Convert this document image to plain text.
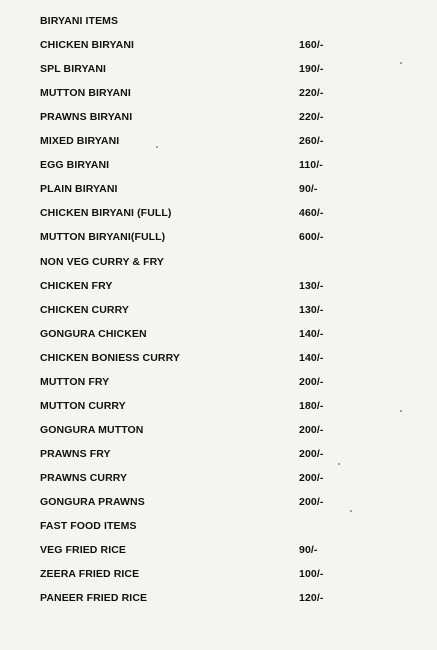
BIRYANI ITEMS
CHICKEN BIRYANI	160/-
SPL BIRYANI	190/-
MUTTON BIRYANI	220/-
PRAWNS BIRYANI	220/-
MIXED BIRYANI	260/-
EGG BIRYANI	110/-
PLAIN BIRYANI	90/-
CHICKEN BIRYANI (FULL)	460/-
MUTTON BIRYANI(FULL)	600/-
NON VEG CURRY & FRY
CHICKEN FRY	130/-
CHICKEN CURRY	130/-
GONGURA CHICKEN	140/-
CHICKEN BONIESS CURRY	140/-
MUTTON FRY	200/-
MUTTON CURRY	180/-
GONGURA MUTTON	200/-
PRAWNS FRY	200/-
PRAWNS CURRY	200/-
GONGURA PRAWNS	200/-
FAST FOOD ITEMS
VEG FRIED RICE	90/-
ZEERA FRIED RICE	100/-
PANEER FRIED RICE	120/-
